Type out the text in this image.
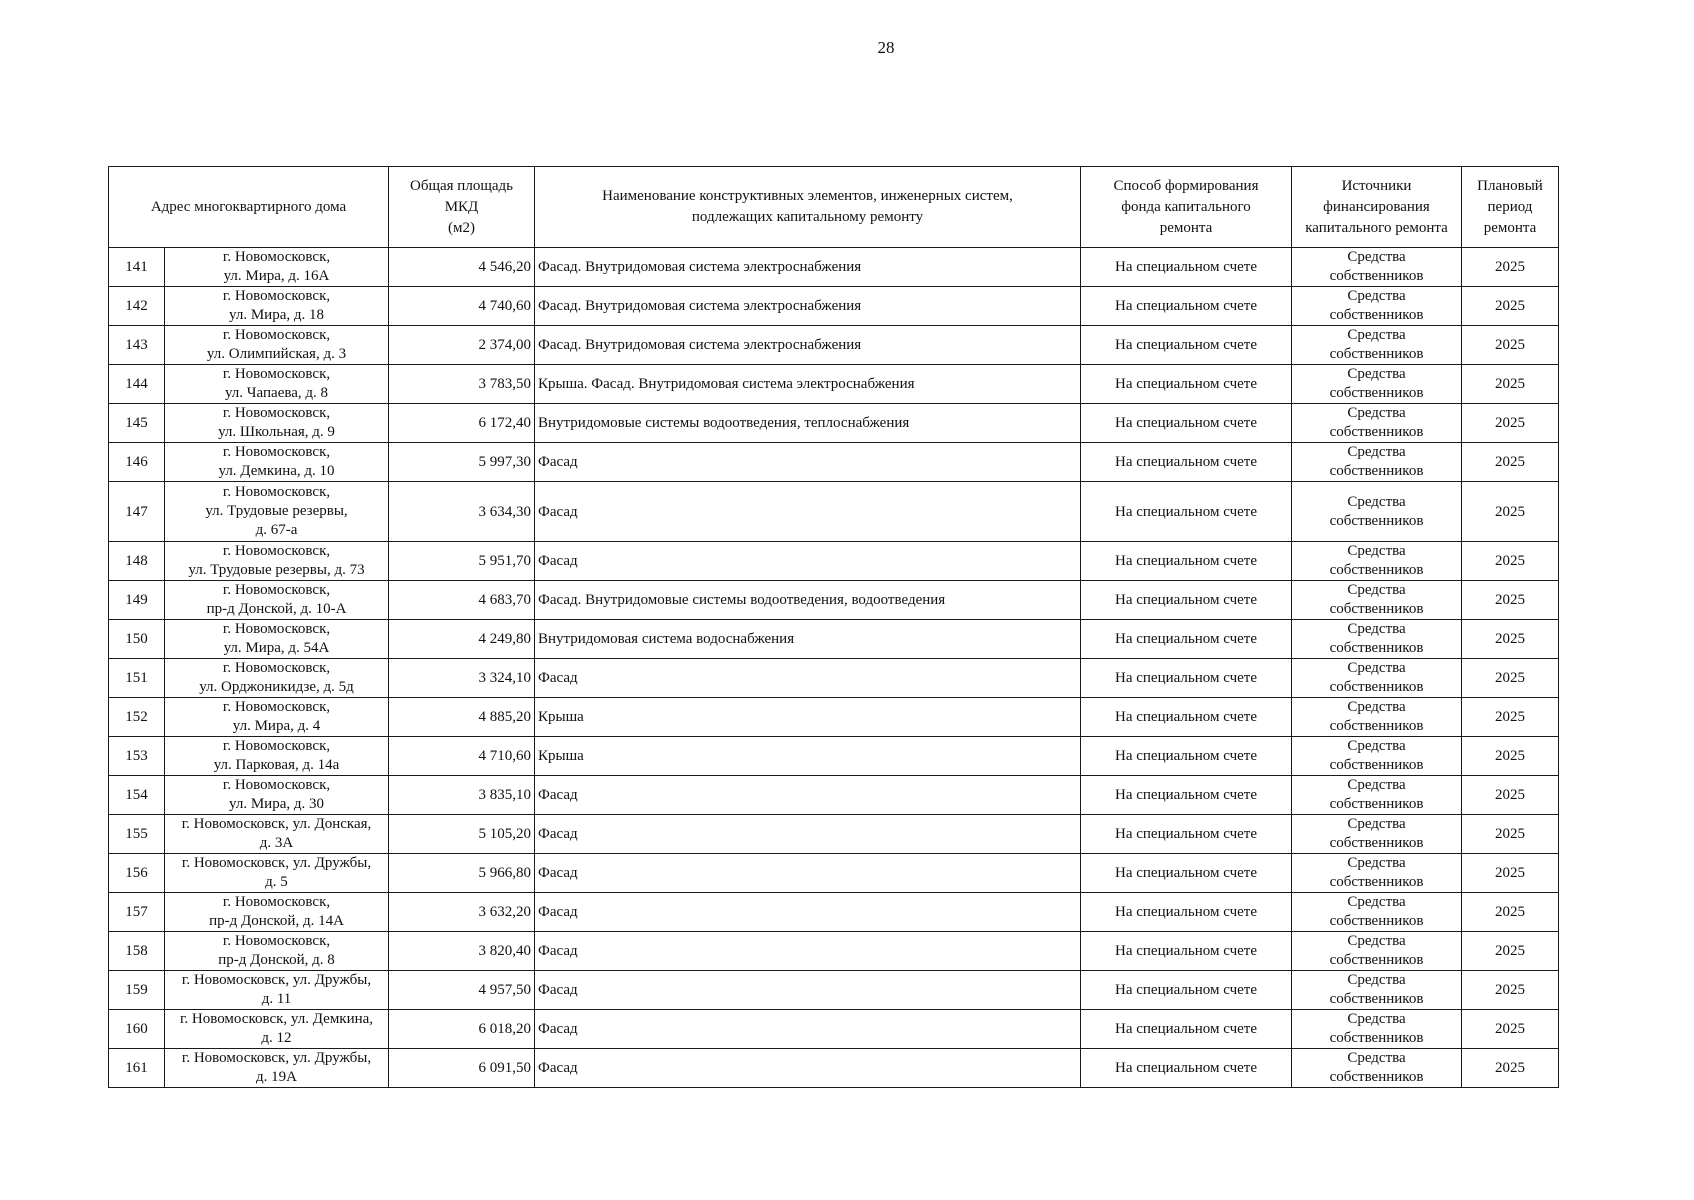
28
Адрес многоквартирного дома		Общая площадь
МКД
(м2)	Наименование конструктивных элементов, инженерных систем,
подлежащих капитальному ремонту	Способ формирования
фонда капитального
ремонта	Источники
финансирования
капитального ремонта	Плановый
период
ремонта
141	г. Новомосковск,
ул. Мира, д. 16А	4 546,20	Фасад. Внутридомовая система электроснабжения	На специальном счете	Средства
собственников	2025
142	г. Новомосковск,
ул. Мира, д. 18	4 740,60	Фасад. Внутридомовая система электроснабжения	На специальном счете	Средства
собственников	2025
143	г. Новомосковск,
ул. Олимпийская, д. 3	2 374,00	Фасад. Внутридомовая система электроснабжения	На специальном счете	Средства
собственников	2025
144	г. Новомосковск,
ул. Чапаева, д. 8	3 783,50	Крыша. Фасад. Внутридомовая система электроснабжения	На специальном счете	Средства
собственников	2025
145	г. Новомосковск,
ул. Школьная, д. 9	6 172,40	Внутридомовые системы водоотведения, теплоснабжения	На специальном счете	Средства
собственников	2025
146	г. Новомосковск,
ул. Демкина, д. 10	5 997,30	Фасад	На специальном счете	Средства
собственников	2025
147	г. Новомосковск,
ул. Трудовые резервы,
д. 67-а	3 634,30	Фасад	На специальном счете	Средства
собственников	2025
148	г. Новомосковск,
ул. Трудовые резервы, д. 73	5 951,70	Фасад	На специальном счете	Средства
собственников	2025
149	г. Новомосковск,
пр-д Донской, д. 10-А	4 683,70	Фасад. Внутридомовые системы водоотведения, водоотведения	На специальном счете	Средства
собственников	2025
150	г. Новомосковск,
ул. Мира, д. 54А	4 249,80	Внутридомовая система водоснабжения	На специальном счете	Средства
собственников	2025
151	г. Новомосковск,
ул. Орджоникидзе, д. 5д	3 324,10	Фасад	На специальном счете	Средства
собственников	2025
152	г. Новомосковск,
ул. Мира, д. 4	4 885,20	Крыша	На специальном счете	Средства
собственников	2025
153	г. Новомосковск,
ул. Парковая, д. 14а	4 710,60	Крыша	На специальном счете	Средства
собственников	2025
154	г. Новомосковск,
ул. Мира, д. 30	3 835,10	Фасад	На специальном счете	Средства
собственников	2025
155	г. Новомосковск, ул. Донская,
д. 3А	5 105,20	Фасад	На специальном счете	Средства
собственников	2025
156	г. Новомосковск, ул. Дружбы,
д. 5	5 966,80	Фасад	На специальном счете	Средства
собственников	2025
157	г. Новомосковск,
пр-д Донской, д. 14А	3 632,20	Фасад	На специальном счете	Средства
собственников	2025
158	г. Новомосковск,
пр-д Донской, д. 8	3 820,40	Фасад	На специальном счете	Средства
собственников	2025
159	г. Новомосковск, ул. Дружбы,
д. 11	4 957,50	Фасад	На специальном счете	Средства
собственников	2025
160	г. Новомосковск, ул. Демкина,
д. 12	6 018,20	Фасад	На специальном счете	Средства
собственников	2025
161	г. Новомосковск, ул. Дружбы,
д. 19А	6 091,50	Фасад	На специальном счете	Средства
собственников	2025
